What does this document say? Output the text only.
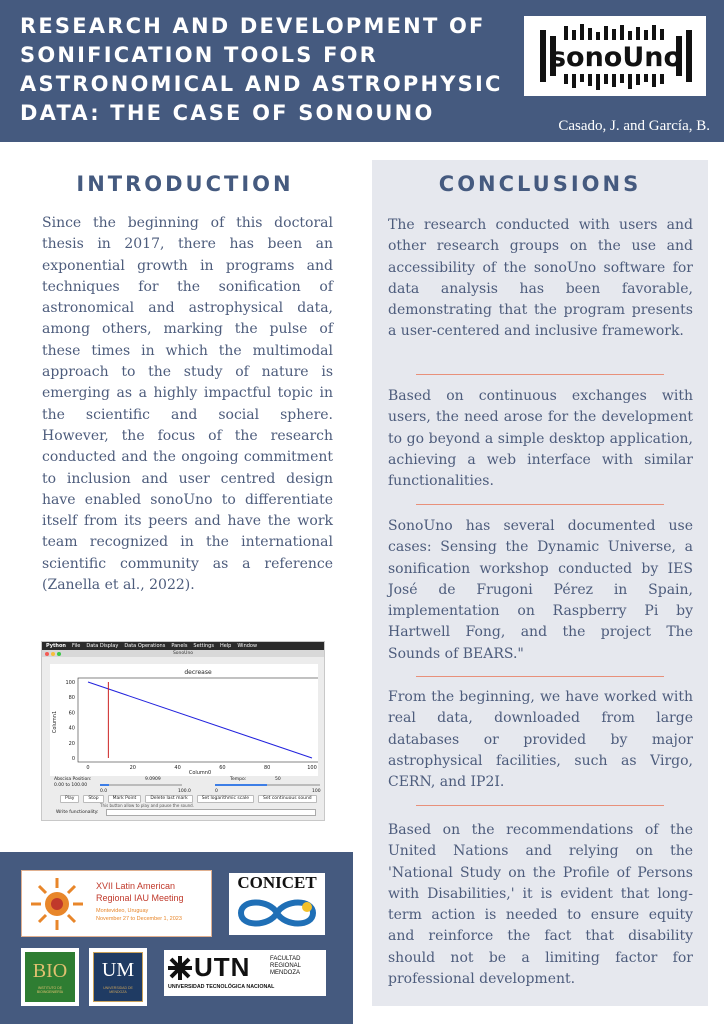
RESEARCH AND DEVELOPMENT OF SONIFICATION TOOLS FOR ASTRONOMICAL AND ASTROPHYSIC DATA: THE CASE OF SONOUNO
sonoUno
Casado, J. and García, B.
INTRODUCTION
Since the beginning of this doctoral thesis in 2017, there has been an exponential growth in programs and techniques for the sonification of astronomical and astrophysical data, among others, marking the pulse of these times in which the multimodal approach to the study of nature is emerging as a highly impactful topic in the scientific and social sphere. However, the focus of the research conducted and the ongoing commitment to inclusion and user centred design have enabled sonoUno to differentiate itself from its peers and have the work team recognized in the international scientific community as a reference (Zanella et al., 2022).
Python File Data Display Data Operations Panels Settings Help Window
SonoUno
decrease
Column0
Column1
100
80
60
40
20
0
0	20	40	60	80	100
Abscisa Position:
0.00 to 100.00
9.0909	Tempo:	50
0.0	100.0	0	100
Play	Stop	Mark Point	Delete last mark	Set logarithmic scale	Set continuous sound
This button allow to play and pause the sound.
Write functionality:
XVII Latin American
Regional IAU Meeting
Montevideo, Uruguay
November 27 to December 1, 2023
CONICET
BIO
INSTITUTO DE BIOINGENIERÍA
UM
UNIVERSIDAD DE MENDOZA
UTN	FACULTAD REGIONAL MENDOZA
UNIVERSIDAD TECNOLÓGICA NACIONAL
CONCLUSIONS
The research conducted with users and other research groups on the use and accessibility of the sonoUno software for data analysis has been favorable, demonstrating that the program presents a user-centered and inclusive framework.
Based on continuous exchanges with users, the need arose for the development to go beyond a simple desktop application, achieving a web interface with similar functionalities.
SonoUno has several documented use cases: Sensing the Dynamic Universe, a sonification workshop conducted by IES José de Frugoni Pérez in Spain, implementation on Raspberry Pi by Hartwell Fong, and the project The Sounds of BEARS."
From the beginning, we have worked with real data, downloaded from large databases or provided by major astrophysical facilities, such as Virgo, CERN, and IP2I.
Based on the recommendations of the United Nations and relying on the 'National Study on the Profile of Persons with Disabilities,' it is evident that long-term action is needed to ensure equity and reinforce the fact that disability should not be a limiting factor for professional development.
